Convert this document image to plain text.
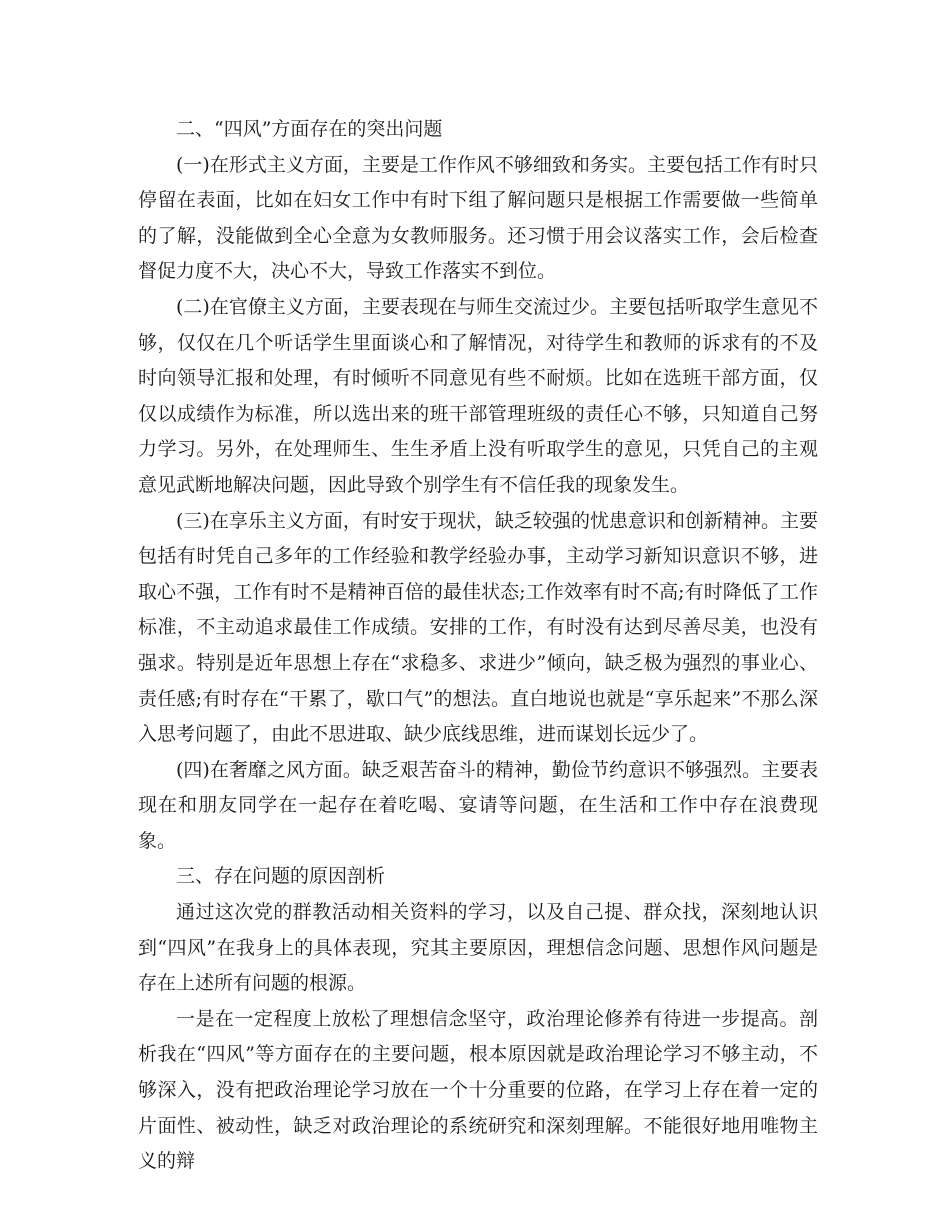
二、“四风”方面存在的突出问题

(一)在形式主义方面，主要是工作作风不够细致和务实。主要包括工作有时只停留在表面，比如在妇女工作中有时下组了解问题只是根据工作需要做一些简单的了解，没能做到全心全意为女教师服务。还习惯于用会议落实工作，会后检查督促力度不大，决心不大，导致工作落实不到位。

(二)在官僚主义方面，主要表现在与师生交流过少。主要包括听取学生意见不够，仅仅在几个听话学生里面谈心和了解情况，对待学生和教师的诉求有的不及时向领导汇报和处理，有时倾听不同意见有些不耐烦。比如在选班干部方面，仅仅以成绩作为标准，所以选出来的班干部管理班级的责任心不够，只知道自己努力学习。另外，在处理师生、生生矛盾上没有听取学生的意见，只凭自己的主观意见武断地解决问题，因此导致个别学生有不信任我的现象发生。

(三)在享乐主义方面，有时安于现状，缺乏较强的忧患意识和创新精神。主要包括有时凭自己多年的工作经验和教学经验办事，主动学习新知识意识不够，进取心不强，工作有时不是精神百倍的最佳状态;工作效率有时不高;有时降低了工作标准，不主动追求最佳工作成绩。安排的工作，有时没有达到尽善尽美，也没有强求。特别是近年思想上存在“求稳多、求进少”倾向，缺乏极为强烈的事业心、责任感;有时存在“干累了，歇口气”的想法。直白地说也就是“享乐起来”不那么深入思考问题了，由此不思进取、缺少底线思维，进而谋划长远少了。

(四)在奢靡之风方面。缺乏艰苦奋斗的精神，勤俭节约意识不够强烈。主要表现在和朋友同学在一起存在着吃喝、宴请等问题，在生活和工作中存在浪费现象。

三、存在问题的原因剖析

通过这次党的群教活动相关资料的学习，以及自己提、群众找，深刻地认识到“四风”在我身上的具体表现，究其主要原因，理想信念问题、思想作风问题是存在上述所有问题的根源。

一是在一定程度上放松了理想信念坚守，政治理论修养有待进一步提高。剖析我在“四风”等方面存在的主要问题，根本原因就是政治理论学习不够主动，不够深入，没有把政治理论学习放在一个十分重要的位路，在学习上存在着一定的片面性、被动性，缺乏对政治理论的系统研究和深刻理解。不能很好地用唯物主义的辩
